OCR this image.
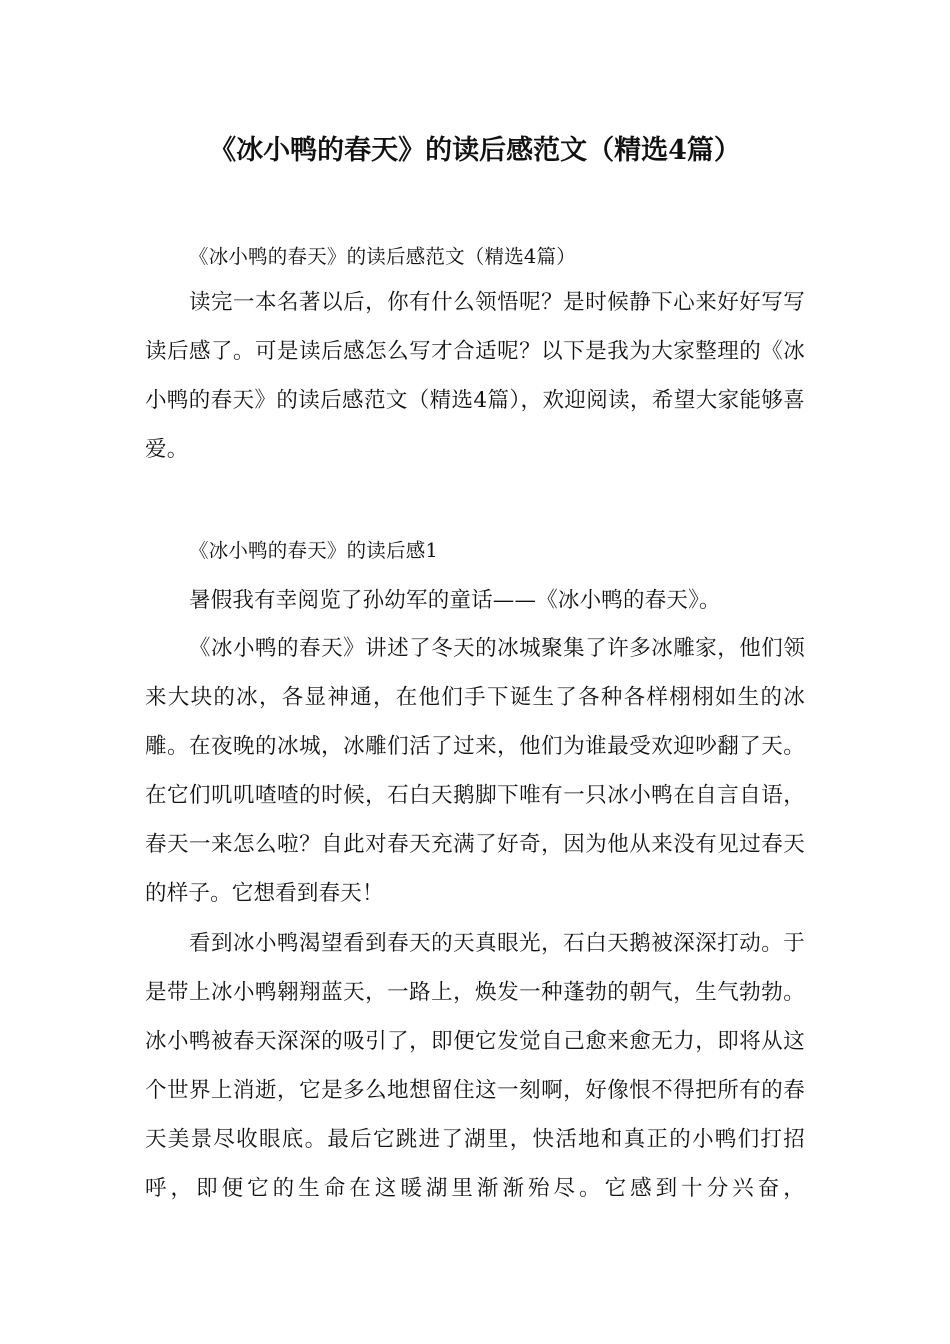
《冰小鸭的春天》的读后感范文（精选4篇）

《冰小鸭的春天》的读后感范文（精选4篇）

读完一本名著以后，你有什么领悟呢？是时候静下心来好好写写读后感了。可是读后感怎么写才合适呢？以下是我为大家整理的《冰小鸭的春天》的读后感范文（精选4篇），欢迎阅读，希望大家能够喜爱。

《冰小鸭的春天》的读后感1

暑假我有幸阅览了孙幼军的童话——《冰小鸭的春天》。

《冰小鸭的春天》讲述了冬天的冰城聚集了许多冰雕家，他们领来大块的冰，各显神通，在他们手下诞生了各种各样栩栩如生的冰雕。在夜晚的冰城，冰雕们活了过来，他们为谁最受欢迎吵翻了天。在它们叽叽喳喳的时候，石白天鹅脚下唯有一只冰小鸭在自言自语，春天一来怎么啦？自此对春天充满了好奇，因为他从来没有见过春天的样子。它想看到春天！

看到冰小鸭渴望看到春天的天真眼光，石白天鹅被深深打动。于是带上冰小鸭翱翔蓝天，一路上，焕发一种蓬勃的朝气，生气勃勃。冰小鸭被春天深深的吸引了，即便它发觉自己愈来愈无力，即将从这个世界上消逝，它是多么地想留住这一刻啊，好像恨不得把所有的春天美景尽收眼底。最后它跳进了湖里，快活地和真正的小鸭们打招呼，即便它的生命在这暖湖里渐渐殆尽。它感到十分兴奋，
